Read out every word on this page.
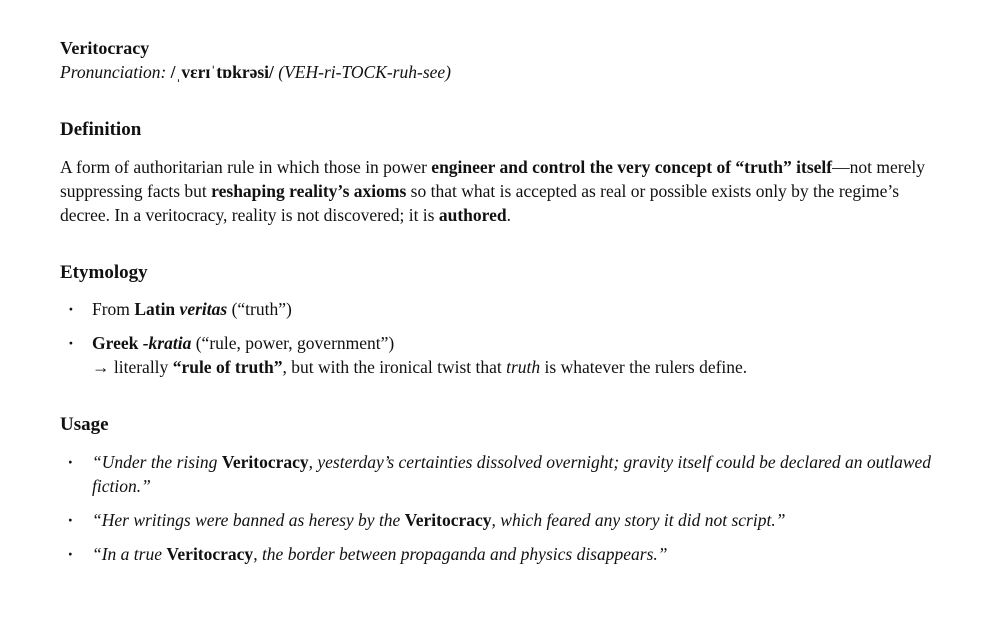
Veritocracy
Pronunciation: /ˌvɛrɪˈtɒkrəsi/ (VEH-ri-TOCK-ruh-see)
Definition

A form of authoritarian rule in which those in power engineer and control the very concept of “truth” itself—not merely suppressing facts but reshaping reality’s axioms so that what is accepted as real or possible exists only by the regime’s decree. In a veritocracy, reality is not discovered; it is authored.

Etymology
· From Latin veritas (“truth”)
· Greek -kratia (“rule, power, government”)
→ literally “rule of truth”, but with the ironical twist that truth is whatever the rulers define.
Usage
· “Under the rising Veritocracy, yesterday’s certainties dissolved overnight; gravity itself could be declared an outlawed fiction.”
· “Her writings were banned as heresy by the Veritocracy, which feared any story it did not script.”
· “In a true Veritocracy, the border between propaganda and physics disappears.”
